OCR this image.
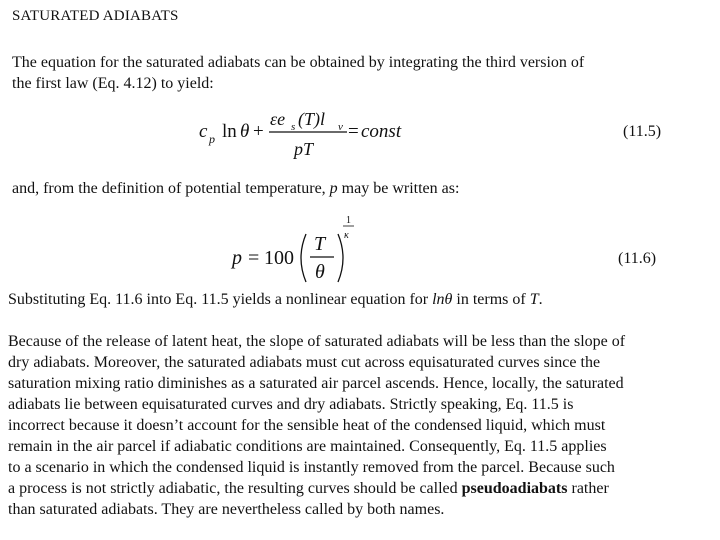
SATURATED ADIABATS
The equation for the saturated adiabats can be obtained by integrating the third version of
the first law (Eq. 4.12) to yield:
c p ln θ +
εe s (T)l v
pT
= const	(11.5)
and, from the definition of potential temperature, p may be written as:
p = 100
T
θ
1
κ
(11.6)
Substituting Eq. 11.6 into Eq. 11.5 yields a nonlinear equation for lnθ in terms of T.
Because of the release of latent heat, the slope of saturated adiabats will be less than the slope of
dry adiabats. Moreover, the saturated adiabats must cut across equisaturated curves since the
saturation mixing ratio diminishes as a saturated air parcel ascends. Hence, locally, the saturated
adiabats lie between equisaturated curves and dry adiabats. Strictly speaking, Eq. 11.5 is
incorrect because it doesn’t account for the sensible heat of the condensed liquid, which must
remain in the air parcel if adiabatic conditions are maintained. Consequently, Eq. 11.5 applies
to a scenario in which the condensed liquid is instantly removed from the parcel. Because such
a process is not strictly adiabatic, the resulting curves should be called pseudoadiabats rather
than saturated adiabats. They are nevertheless called by both names.
